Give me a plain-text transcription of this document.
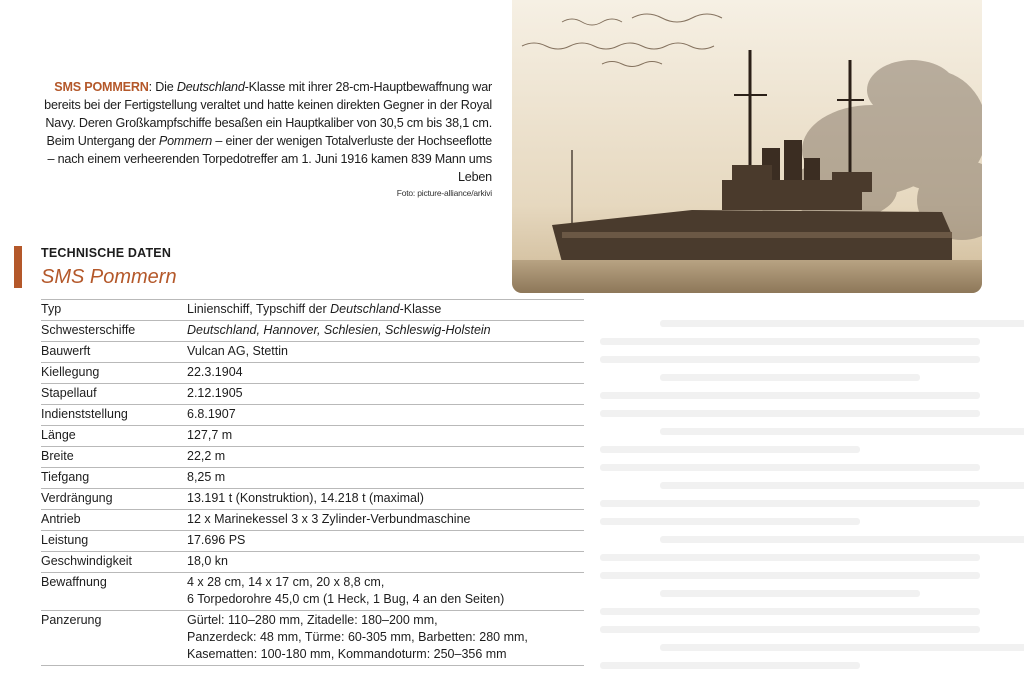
SMS POMMERN: Die Deutschland-Klasse mit ihrer 28-cm-Hauptbewaffnung war bereits bei der Fertigstellung veraltet und hatte keinen direkten Gegner in der Royal Navy. Deren Großkampfschiffe besaßen ein Hauptkaliber von 30,5 cm bis 38,1 cm. Beim Untergang der Pommern – einer der wenigen Totalverluste der Hochseeflotte – nach einem verheerenden Torpedotreffer am 1. Juni 1916 kamen 839 Mann ums Leben
Foto: picture-alliance/arkivi

TECHNISCHE DATEN
SMS Pommern
Typ	Linienschiff, Typschiff der Deutschland-Klasse

Schwesterschiffe	Deutschland, Hannover, Schlesien, Schleswig-Holstein

Bauwerft	Vulcan AG, Stettin

Kiellegung	22.3.1904

Stapellauf	2.12.1905

Indienststellung	6.8.1907

Länge	127,7 m

Breite	22,2 m

Tiefgang	8,25 m

Verdrängung	13.191 t (Konstruktion), 14.218 t (maximal)

Antrieb	12 x Marinekessel 3 x 3 Zylinder-Verbundmaschine

Leistung	17.696 PS

Geschwindigkeit	18,0 kn

Bewaffnung	4 x 28 cm, 14 x 17 cm, 20 x 8,8 cm,
6 Torpedorohre 45,0 cm (1 Heck, 1 Bug, 4 an den Seiten)

Panzerung	Gürtel: 110–280 mm, Zitadelle: 180–200 mm,
Panzerdeck: 48 mm, Türme: 60-305 mm, Barbetten: 280 mm,
Kasematten: 100-180 mm, Kommandoturm: 250–356 mm
